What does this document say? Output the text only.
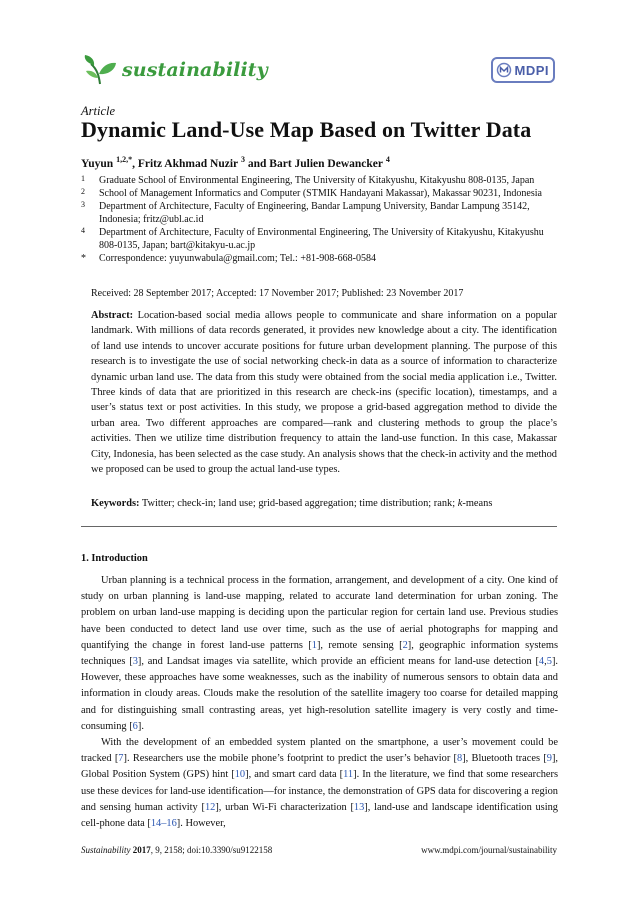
sustainability	MDPI
Article
Dynamic Land-Use Map Based on Twitter Data
Yuyun $^{1,2,*}$, Fritz Akhmad Nuzir $^3$ and Bart Julien Dewancker $^4$
1	Graduate School of Environmental Engineering, The University of Kitakyushu, Kitakyushu 808-0135, Japan
2	School of Management Informatics and Computer (STMIK Handayani Makassar), Makassar 90231, Indonesia
3	Department of Architecture, Faculty of Engineering, Bandar Lampung University, Bandar Lampung 35142, Indonesia; fritz@ubl.ac.id
4	Department of Architecture, Faculty of Environmental Engineering, The University of Kitakyushu, Kitakyushu 808-0135, Japan; bart@kitakyu-u.ac.jp
*	Correspondence: yuyunwabula@gmail.com; Tel.: +81-908-668-0584
Received: 28 September 2017; Accepted: 17 November 2017; Published: 23 November 2017

Abstract: Location-based social media allows people to communicate and share information on a popular landmark. With millions of data records generated, it provides new knowledge about a city. The identification of land use intends to uncover accurate positions for future urban development planning. The purpose of this research is to investigate the use of social networking check-in data as a source of information to characterize dynamic urban land use. The data from this study were obtained from the social media application i.e., Twitter. Three kinds of data that are prioritized in this research are check-ins (specific location), timestamps, and a user’s status text or post activities. In this study, we propose a grid-based aggregation method to divide the urban area. Two different approaches are compared—rank and clustering methods to group the place’s activities. Then we utilize time distribution frequency to attain the land-use function. In this case, Makassar City, Indonesia, has been selected as the case study. An analysis shows that the check-in activity and the method we proposed can be used to group the actual land-use types.

Keywords: Twitter; check-in; land use; grid-based aggregation; time distribution; rank; k-means

1. Introduction

Urban planning is a technical process in the formation, arrangement, and development of a city. One kind of study on urban planning is land-use mapping, related to accurate land determination for urban zoning. The problem on urban land-use mapping is deciding upon the particular region for certain land use. Previous studies have been conducted to detect land use over time, such as the use of aerial photographs for mapping and quantifying the change in forest land-use patterns [1], remote sensing [2], geographic information systems techniques [3], and Landsat images via satellite, which provide an efficient means for land-use detection [4,5]. However, these approaches have some weaknesses, such as the inability of numerous sensors to obtain data and information in cloudy areas. Clouds make the resolution of the satellite imagery too coarse for detailed mapping and for distinguishing small contrasting areas, yet high-resolution satellite imagery is very costly and time-consuming [6].

With the development of an embedded system planted on the smartphone, a user’s movement could be tracked [7]. Researchers use the mobile phone’s footprint to predict the user’s behavior [8], Bluetooth traces [9], Global Position System (GPS) hint [10], and smart card data [11]. In the literature, we find that some researchers use these devices for land-use identification—for instance, the demonstration of GPS data for discovering a region and sensing human activity [12], urban Wi-Fi characterization [13], land-use and landscape identification using cell-phone data [14–16]. However,

Sustainability 2017, 9, 2158; doi:10.3390/su9122158	www.mdpi.com/journal/sustainability
